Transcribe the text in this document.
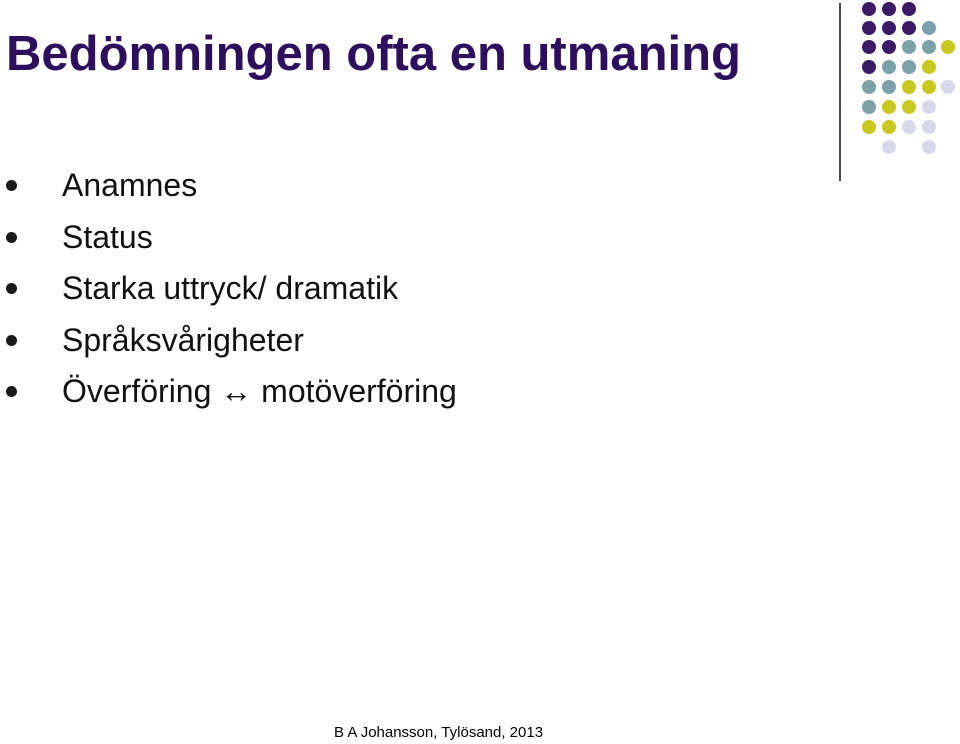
Bedömningen ofta en utmaning
Anamnes
Status
Starka uttryck/ dramatik
Språksvårigheter
Överföring ↔ motöverföring
B A Johansson, Tylösand, 2013
